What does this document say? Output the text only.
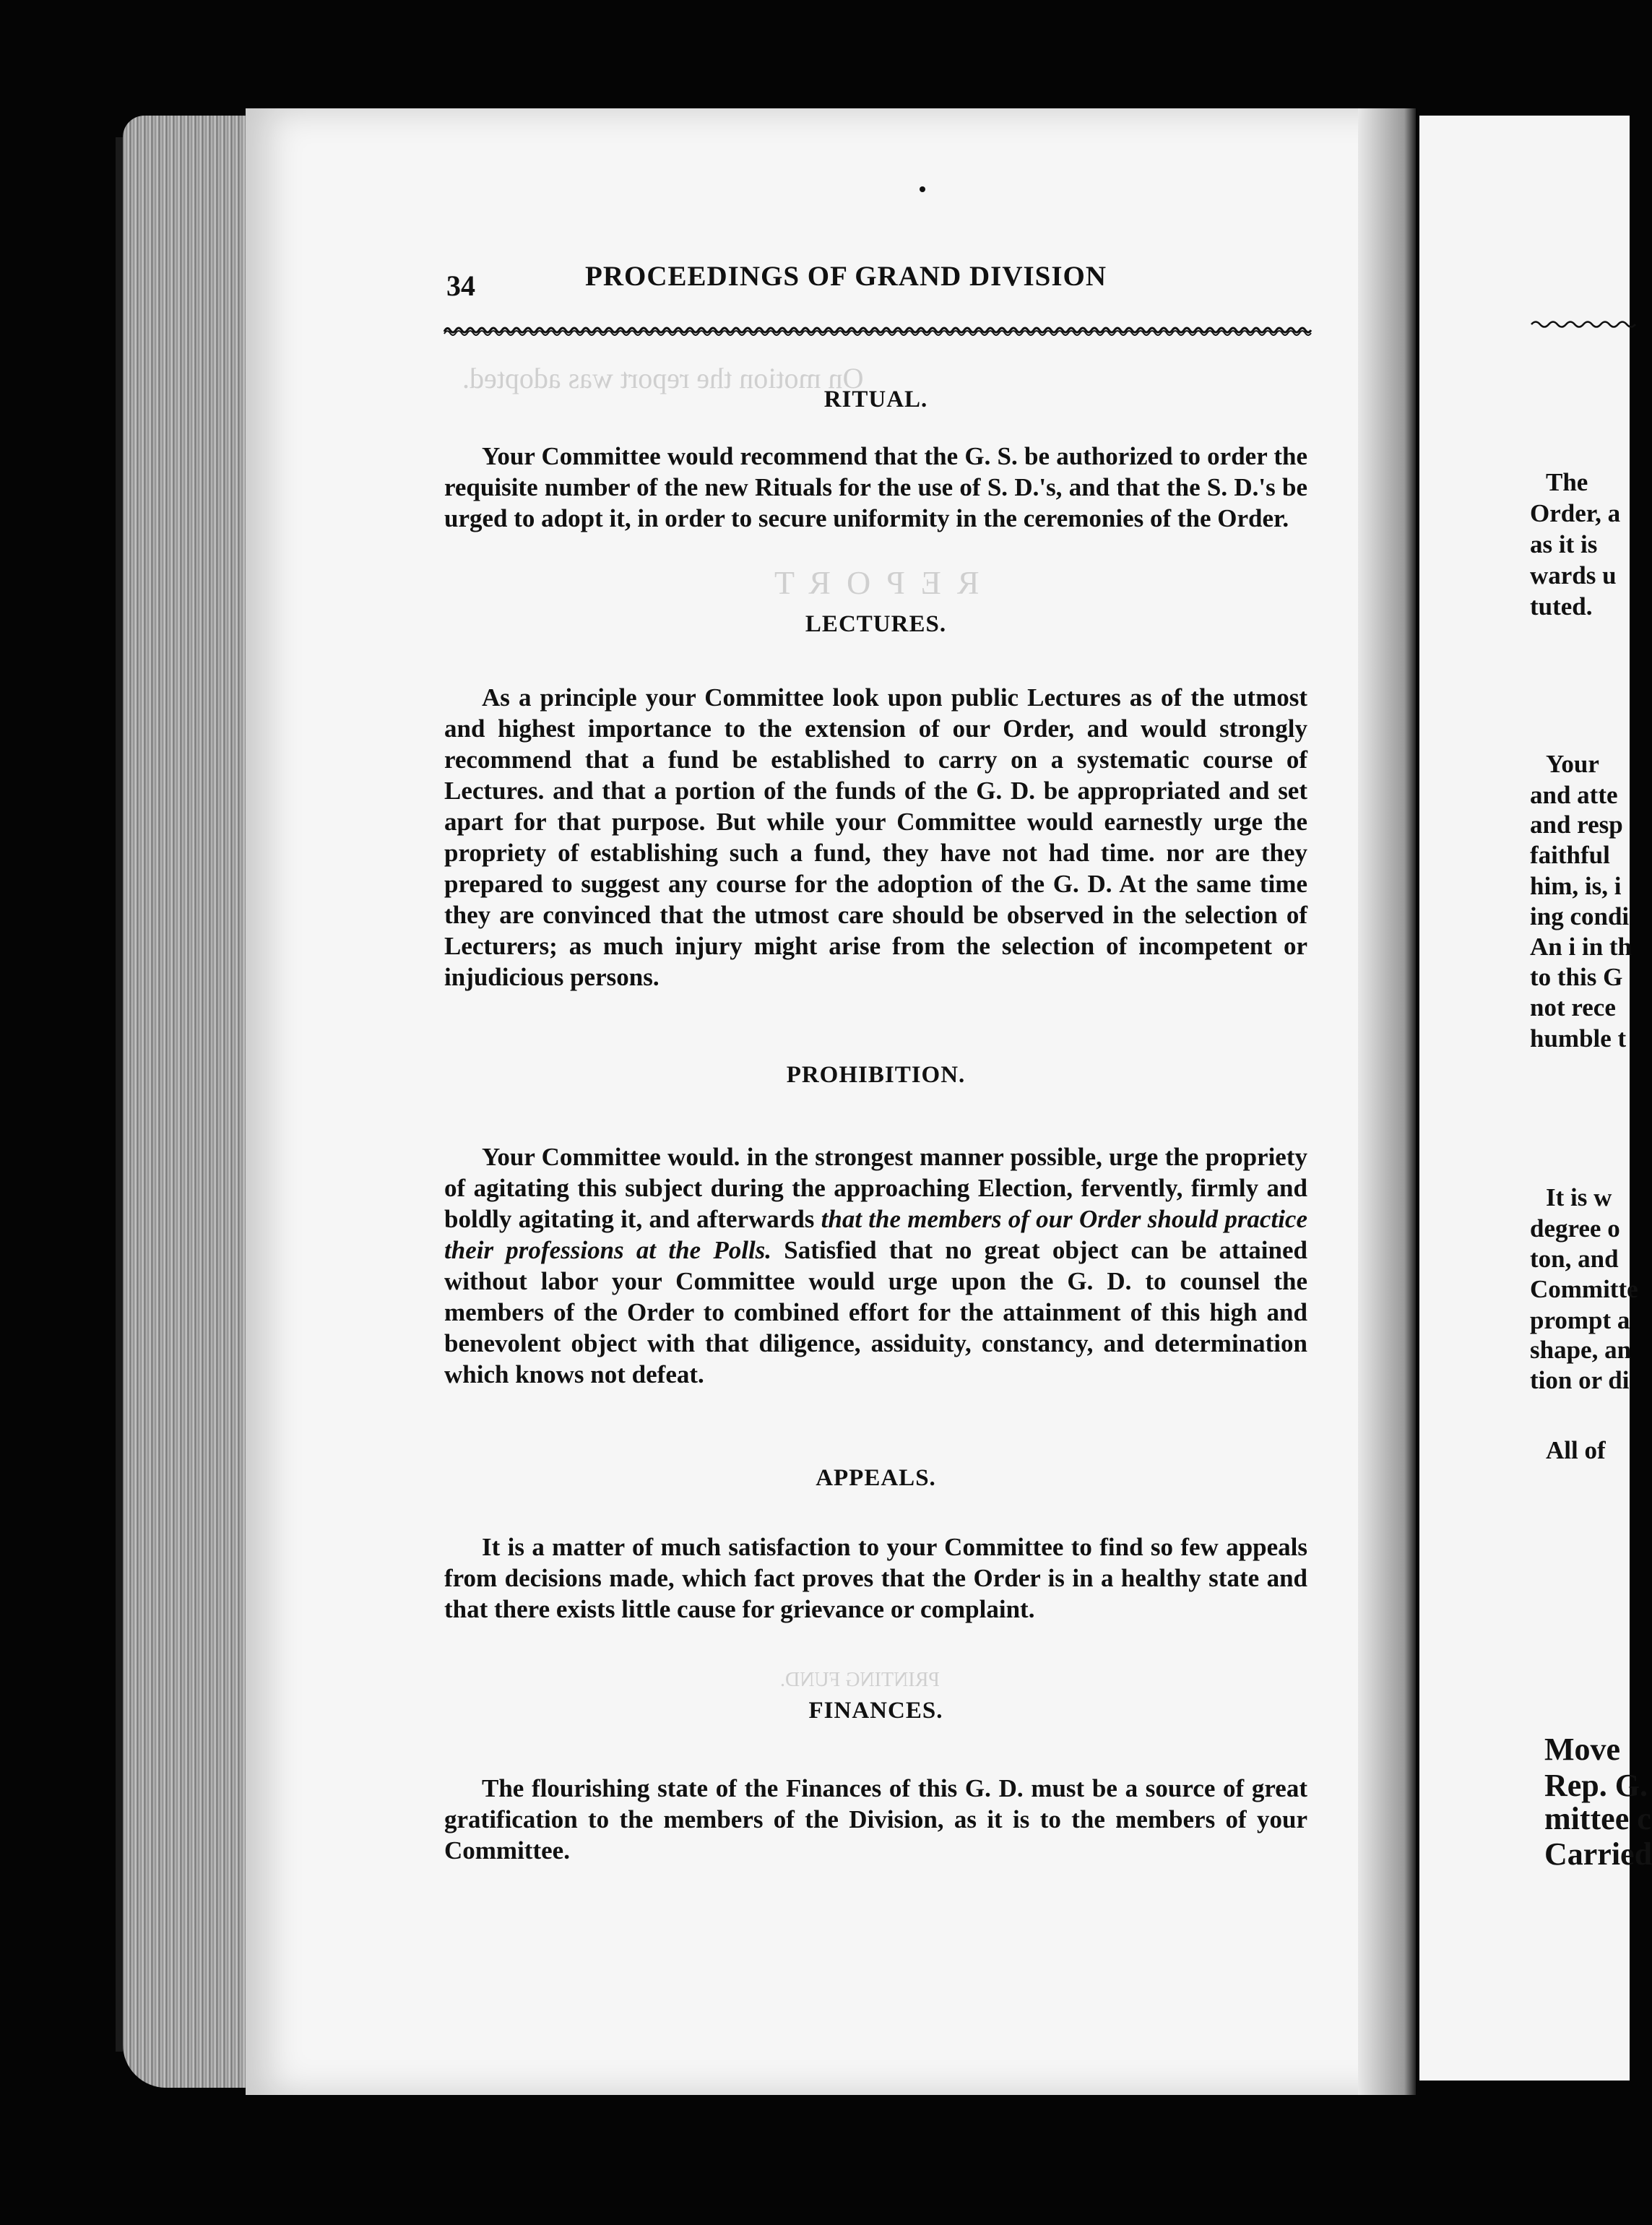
On motion the report was adopted.
REPORT
PRINTING FUND.
34	PROCEEDINGS OF GRAND DIVISION
RITUAL.
Your Committee would recommend that the G. S. be authorized to order the requisite number of the new Rituals for the use of S. D.'s, and that the S. D.'s be urged to adopt it, in order to secure uniformity in the ceremonies of the Order.
LECTURES.
As a principle your Committee look upon public Lectures as of the utmost and highest importance to the extension of our Order, and would strongly recommend that a fund be established to carry on a systematic course of Lectures. and that a portion of the funds of the G. D. be appropriated and set apart for that purpose. But while your Committee would earnestly urge the propriety of establishing such a fund, they have not had time. nor are they prepared to suggest any course for the adoption of the G. D. At the same time they are convinced that the utmost care should be observed in the selection of Lecturers; as much injury might arise from the selection of incompetent or injudicious persons.
PROHIBITION.
Your Committee would. in the strongest manner possible, urge the propriety of agitating this subject during the approaching Election, fervently, firmly and boldly agitating it, and afterwards that the members of our Order should practice their professions at the Polls. Satisfied that no great object can be attained without labor your Committee would urge upon the G. D. to counsel the members of the Order to combined effort for the attainment of this high and benevolent object with that diligence, assiduity, constancy, and determination which knows not defeat.
APPEALS.
It is a matter of much satisfaction to your Committee to find so few appeals from decisions made, which fact proves that the Order is in a healthy state and that there exists little cause for grievance or complaint.
FINANCES.
The flourishing state of the Finances of this G. D. must be a source of great gratification to the members of the Division, as it is to the members of your Committee.
The
Order, a
as it is
wards u
tuted.
Your
and atte
and resp
faithful
him, is, i
ing condi
An i in th
to this G
not rece
humble t
It is w
degree o
ton, and
Committe
prompt a
shape, an
tion or di
All of
Move
Rep. G.
mittee c
Carried
